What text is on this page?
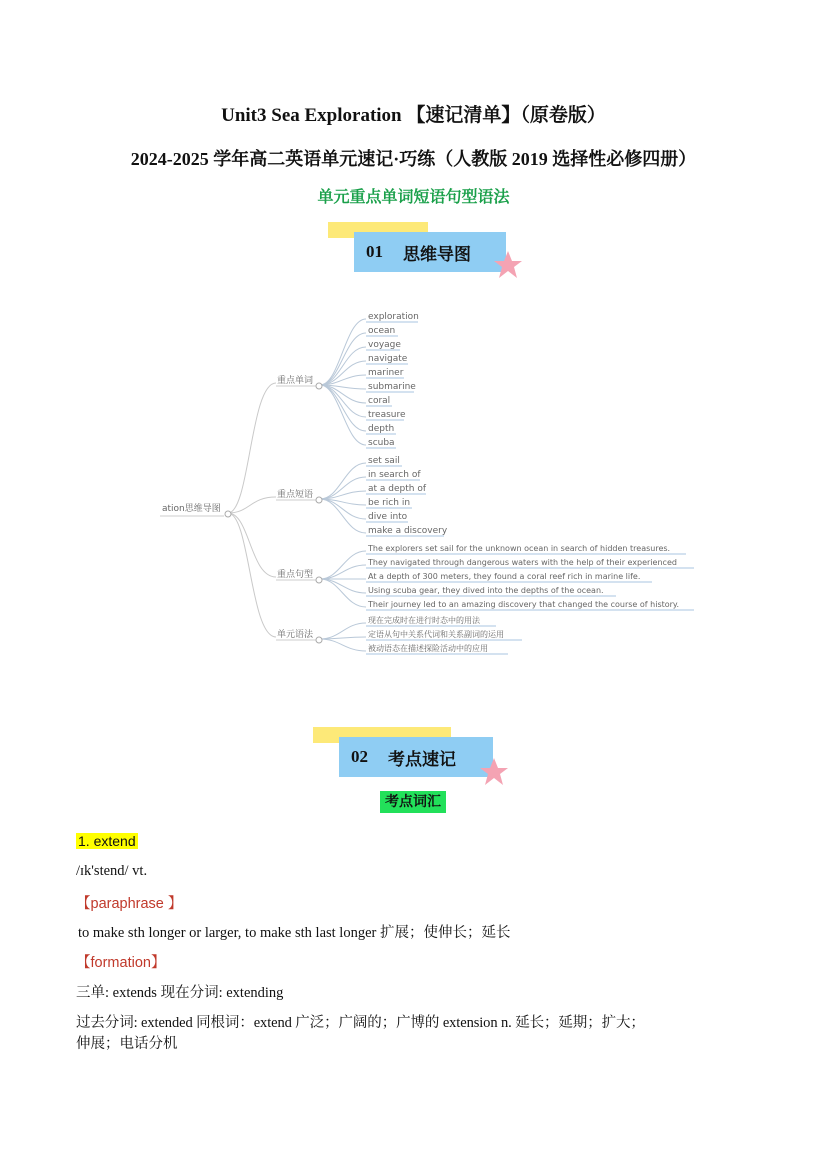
Unit3 Sea Exploration 【速记清单】（原卷版）
2024-2025 学年高二英语单元速记·巧练（人教版 2019 选择性必修四册）
单元重点单词短语句型语法
01 思维导图
ation思维导图
重点单词
重点短语
重点句型
单元语法
exploration
ocean
voyage
navigate
mariner
submarine
coral
treasure
depth
scuba
set sail
in search of
at a depth of
be rich in
dive into
make a discovery
The explorers set sail for the unknown ocean in search of hidden treasures.
They navigated through dangerous waters with the help of their experienced
At a depth of 300 meters, they found a coral reef rich in marine life.
Using scuba gear, they dived into the depths of the ocean.
Their journey led to an amazing discovery that changed the course of history.
现在完成时在进行时态中的用法
定语从句中关系代词和关系副词的运用
被动语态在描述探险活动中的应用
02 考点速记
考点词汇
1. extend
/ɪk'stend/ vt.
【paraphrase 】
to make sth longer or larger, to make sth last longer 扩展；使伸长；延长
【formation】
三单: extends 现在分词: extending
过去分词: extended 同根词：extend 广泛；广阔的；广博的 extension n. 延长；延期；扩大；
伸展；电话分机
